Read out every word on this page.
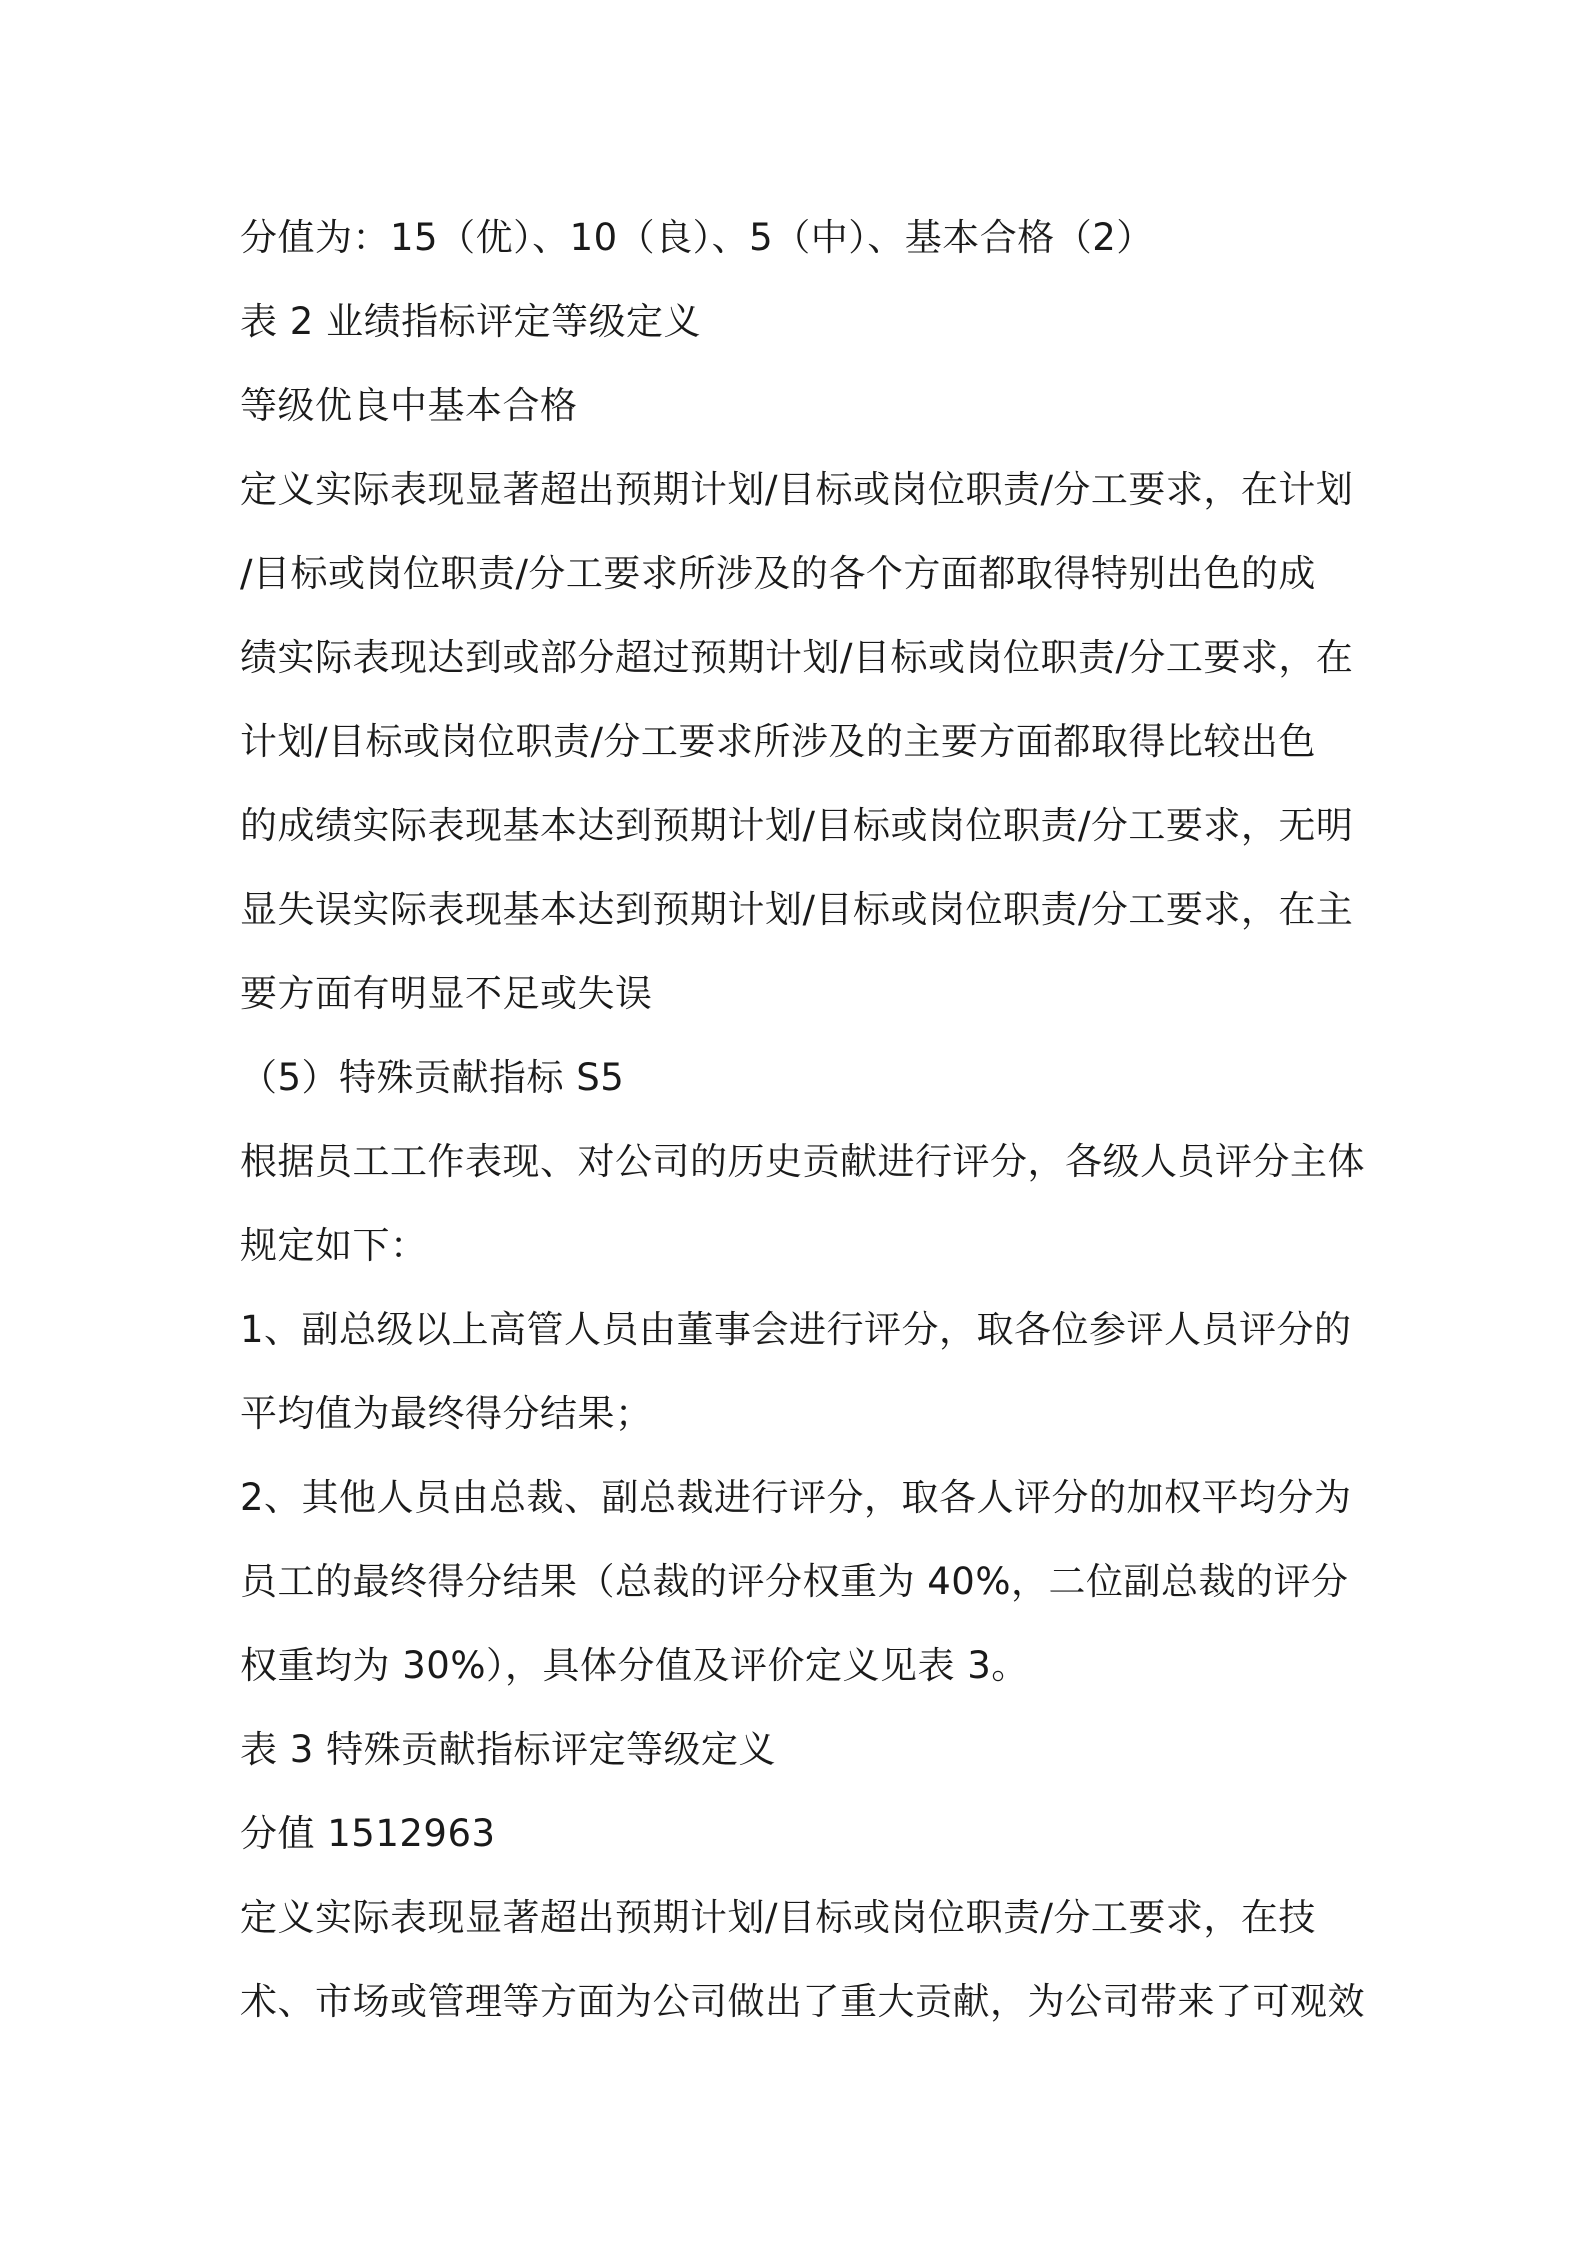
分值为：15（优）、10（良）、5（中）、基本合格（2）
表 2 业绩指标评定等级定义
等级优良中基本合格
定义实际表现显著超出预期计划/目标或岗位职责/分工要求，在计划
/目标或岗位职责/分工要求所涉及的各个方面都取得特别出色的成
绩实际表现达到或部分超过预期计划/目标或岗位职责/分工要求，在
计划/目标或岗位职责/分工要求所涉及的主要方面都取得比较出色
的成绩实际表现基本达到预期计划/目标或岗位职责/分工要求，无明
显失误实际表现基本达到预期计划/目标或岗位职责/分工要求，在主
要方面有明显不足或失误
（5）特殊贡献指标 S5
根据员工工作表现、对公司的历史贡献进行评分，各级人员评分主体
规定如下：
1、副总级以上高管人员由董事会进行评分，取各位参评人员评分的
平均值为最终得分结果；
2、其他人员由总裁、副总裁进行评分，取各人评分的加权平均分为
员工的最终得分结果（总裁的评分权重为 40%，二位副总裁的评分
权重均为 30%），具体分值及评价定义见表 3。
表 3 特殊贡献指标评定等级定义
分值 1512963
定义实际表现显著超出预期计划/目标或岗位职责/分工要求，在技
术、市场或管理等方面为公司做出了重大贡献，为公司带来了可观效
